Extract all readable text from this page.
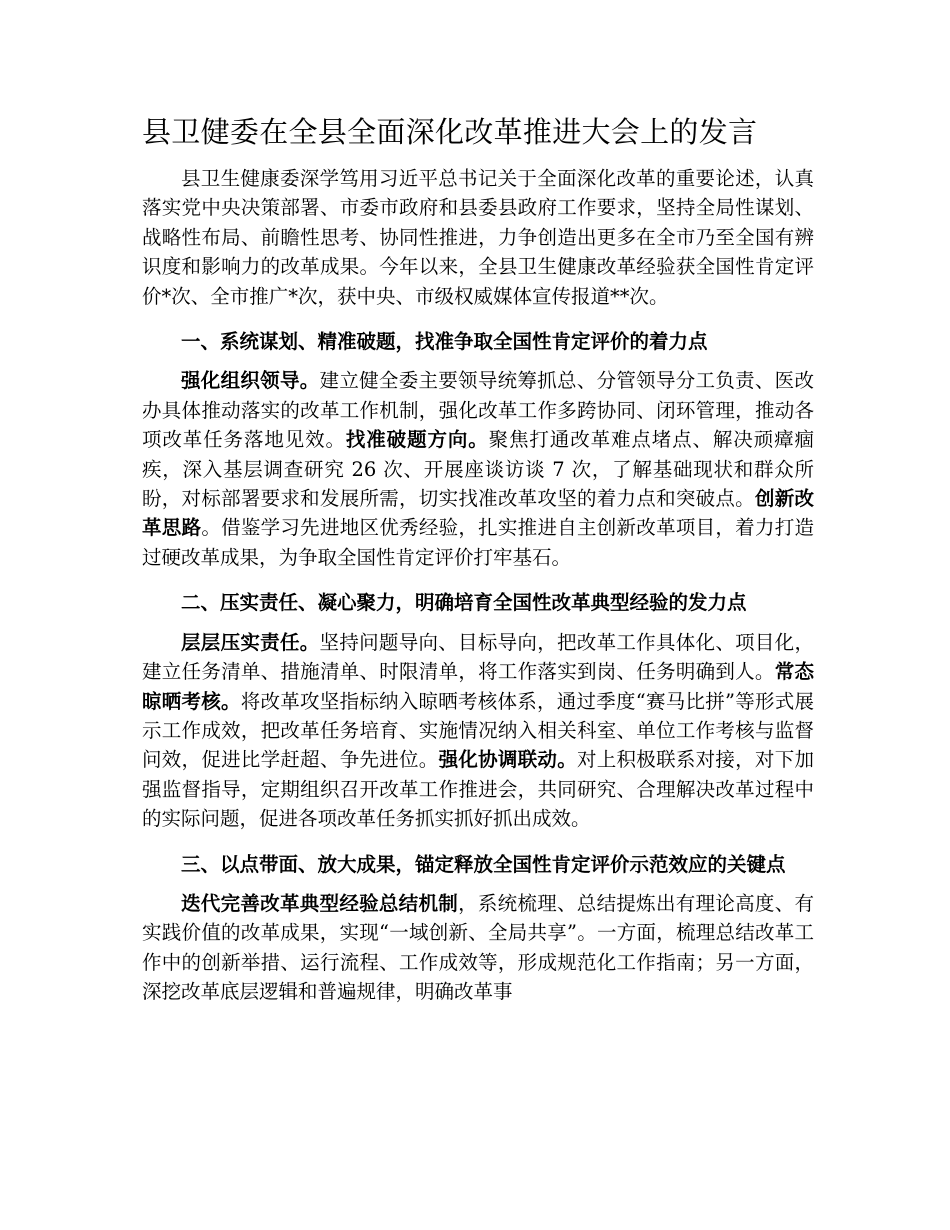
县卫健委在全县全面深化改革推进大会上的发言

县卫生健康委深学笃用习近平总书记关于全面深化改革的重要论述，认真落实党中央决策部署、市委市政府和县委县政府工作要求，坚持全局性谋划、战略性布局、前瞻性思考、协同性推进，力争创造出更多在全市乃至全国有辨识度和影响力的改革成果。今年以来，全县卫生健康改革经验获全国性肯定评价*次、全市推广*次，获中央、市级权威媒体宣传报道**次。

一、系统谋划、精准破题，找准争取全国性肯定评价的着力点

强化组织领导。建立健全委主要领导统筹抓总、分管领导分工负责、医改办具体推动落实的改革工作机制，强化改革工作多跨协同、闭环管理，推动各项改革任务落地见效。找准破题方向。聚焦打通改革难点堵点、解决顽瘴痼疾，深入基层调查研究 26 次、开展座谈访谈 7 次，了解基础现状和群众所盼，对标部署要求和发展所需，切实找准改革攻坚的着力点和突破点。创新改革思路。借鉴学习先进地区优秀经验，扎实推进自主创新改革项目，着力打造过硬改革成果，为争取全国性肯定评价打牢基石。

二、压实责任、凝心聚力，明确培育全国性改革典型经验的发力点

层层压实责任。坚持问题导向、目标导向，把改革工作具体化、项目化，建立任务清单、措施清单、时限清单，将工作落实到岗、任务明确到人。常态晾晒考核。将改革攻坚指标纳入晾晒考核体系，通过季度“赛马比拼”等形式展示工作成效，把改革任务培育、实施情况纳入相关科室、单位工作考核与监督问效，促进比学赶超、争先进位。强化协调联动。对上积极联系对接，对下加强监督指导，定期组织召开改革工作推进会，共同研究、合理解决改革过程中的实际问题，促进各项改革任务抓实抓好抓出成效。

三、以点带面、放大成果，锚定释放全国性肯定评价示范效应的关键点

迭代完善改革典型经验总结机制，系统梳理、总结提炼出有理论高度、有实践价值的改革成果，实现“一域创新、全局共享”。一方面，梳理总结改革工作中的创新举措、运行流程、工作成效等，形成规范化工作指南；另一方面，深挖改革底层逻辑和普遍规律，明确改革事
